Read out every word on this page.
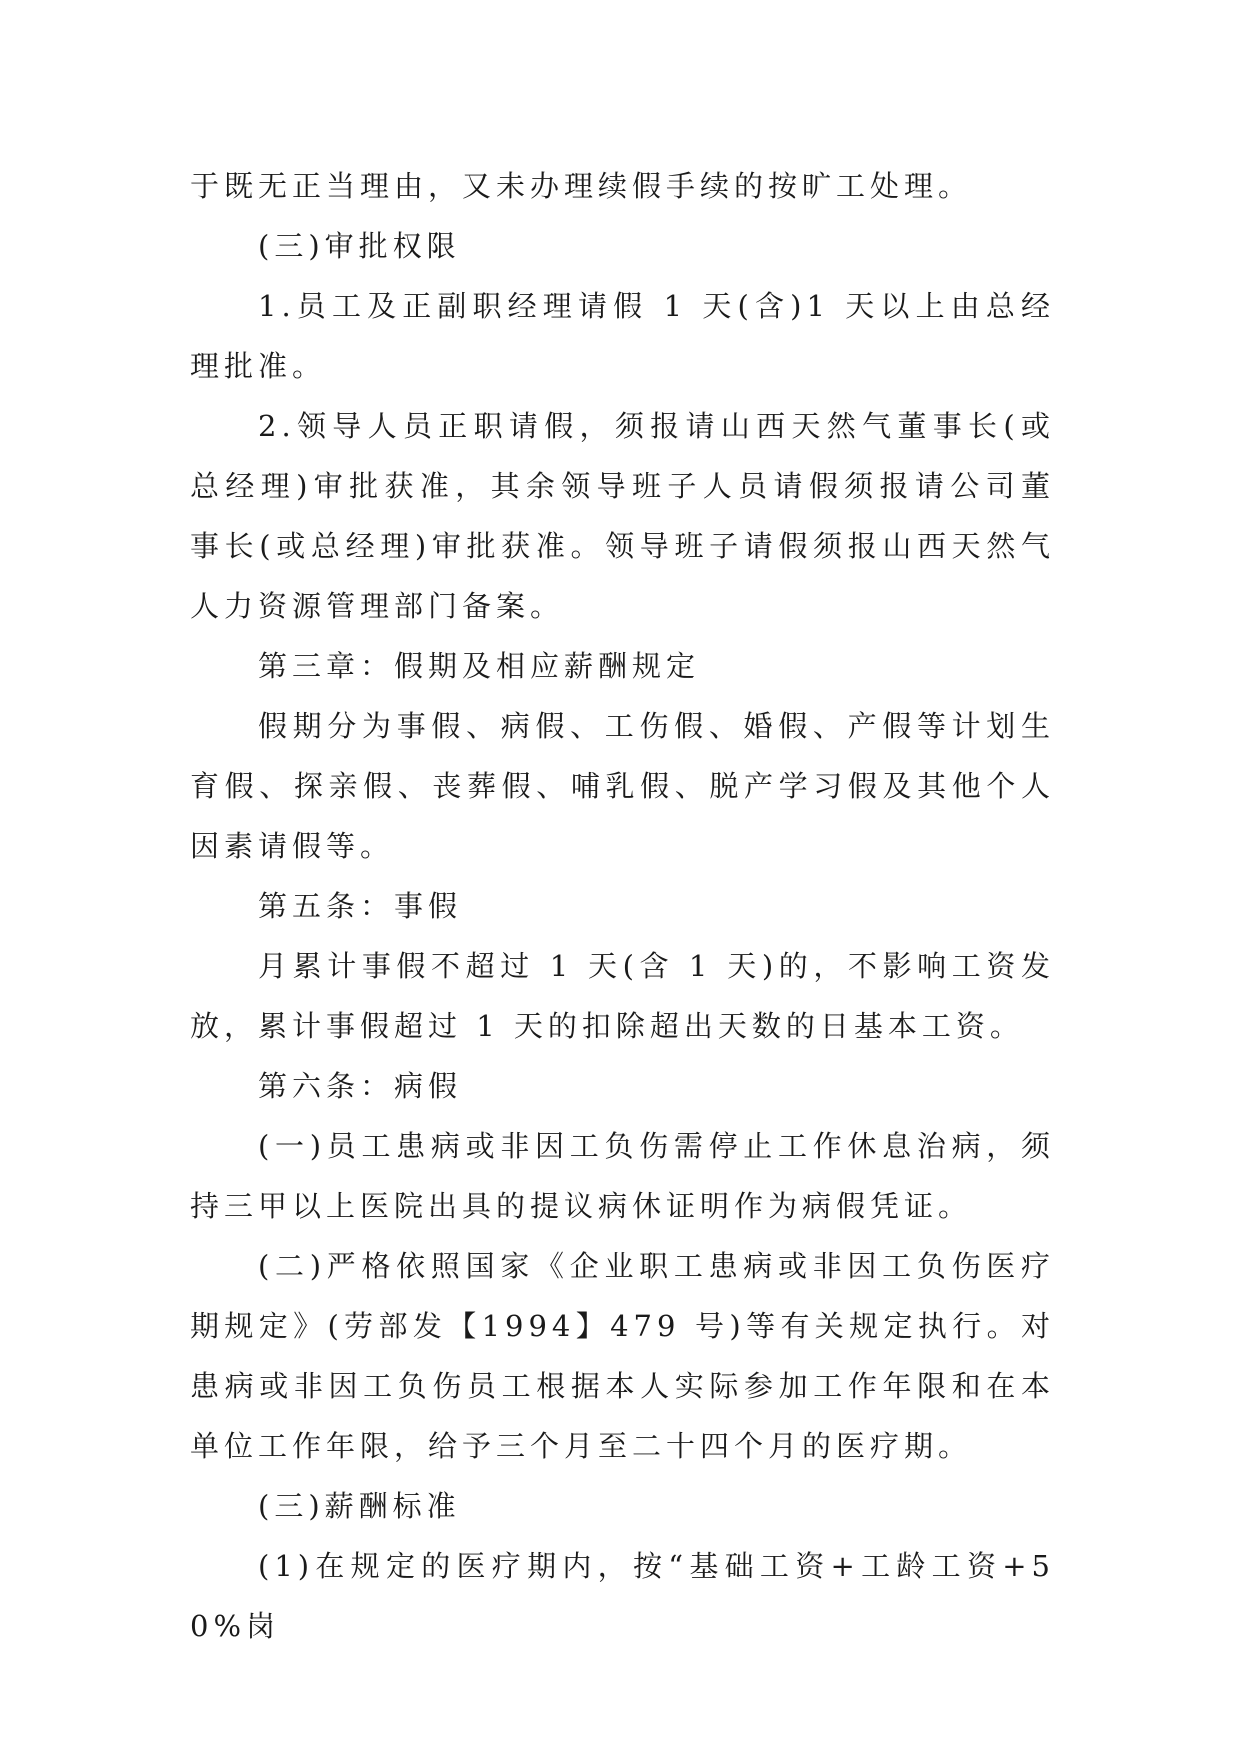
于既无正当理由，又未办理续假手续的按旷工处理。

(三)审批权限

1.员工及正副职经理请假 1 天(含)1 天以上由总经理批准。

2.领导人员正职请假，须报请山西天然气董事长(或总经理)审批获准，其余领导班子人员请假须报请公司董事长(或总经理)审批获准。领导班子请假须报山西天然气人力资源管理部门备案。

第三章：假期及相应薪酬规定

假期分为事假、病假、工伤假、婚假、产假等计划生育假、探亲假、丧葬假、哺乳假、脱产学习假及其他个人因素请假等。

第五条：事假

月累计事假不超过 1 天(含 1 天)的，不影响工资发放，累计事假超过 1 天的扣除超出天数的日基本工资。

第六条：病假

(一)员工患病或非因工负伤需停止工作休息治病，须持三甲以上医院出具的提议病休证明作为病假凭证。

(二)严格依照国家《企业职工患病或非因工负伤医疗期规定》(劳部发【1994】479 号)等有关规定执行。对患病或非因工负伤员工根据本人实际参加工作年限和在本单位工作年限，给予三个月至二十四个月的医疗期。

(三)薪酬标准

(1)在规定的医疗期内，按“基础工资+工龄工资+50%岗
